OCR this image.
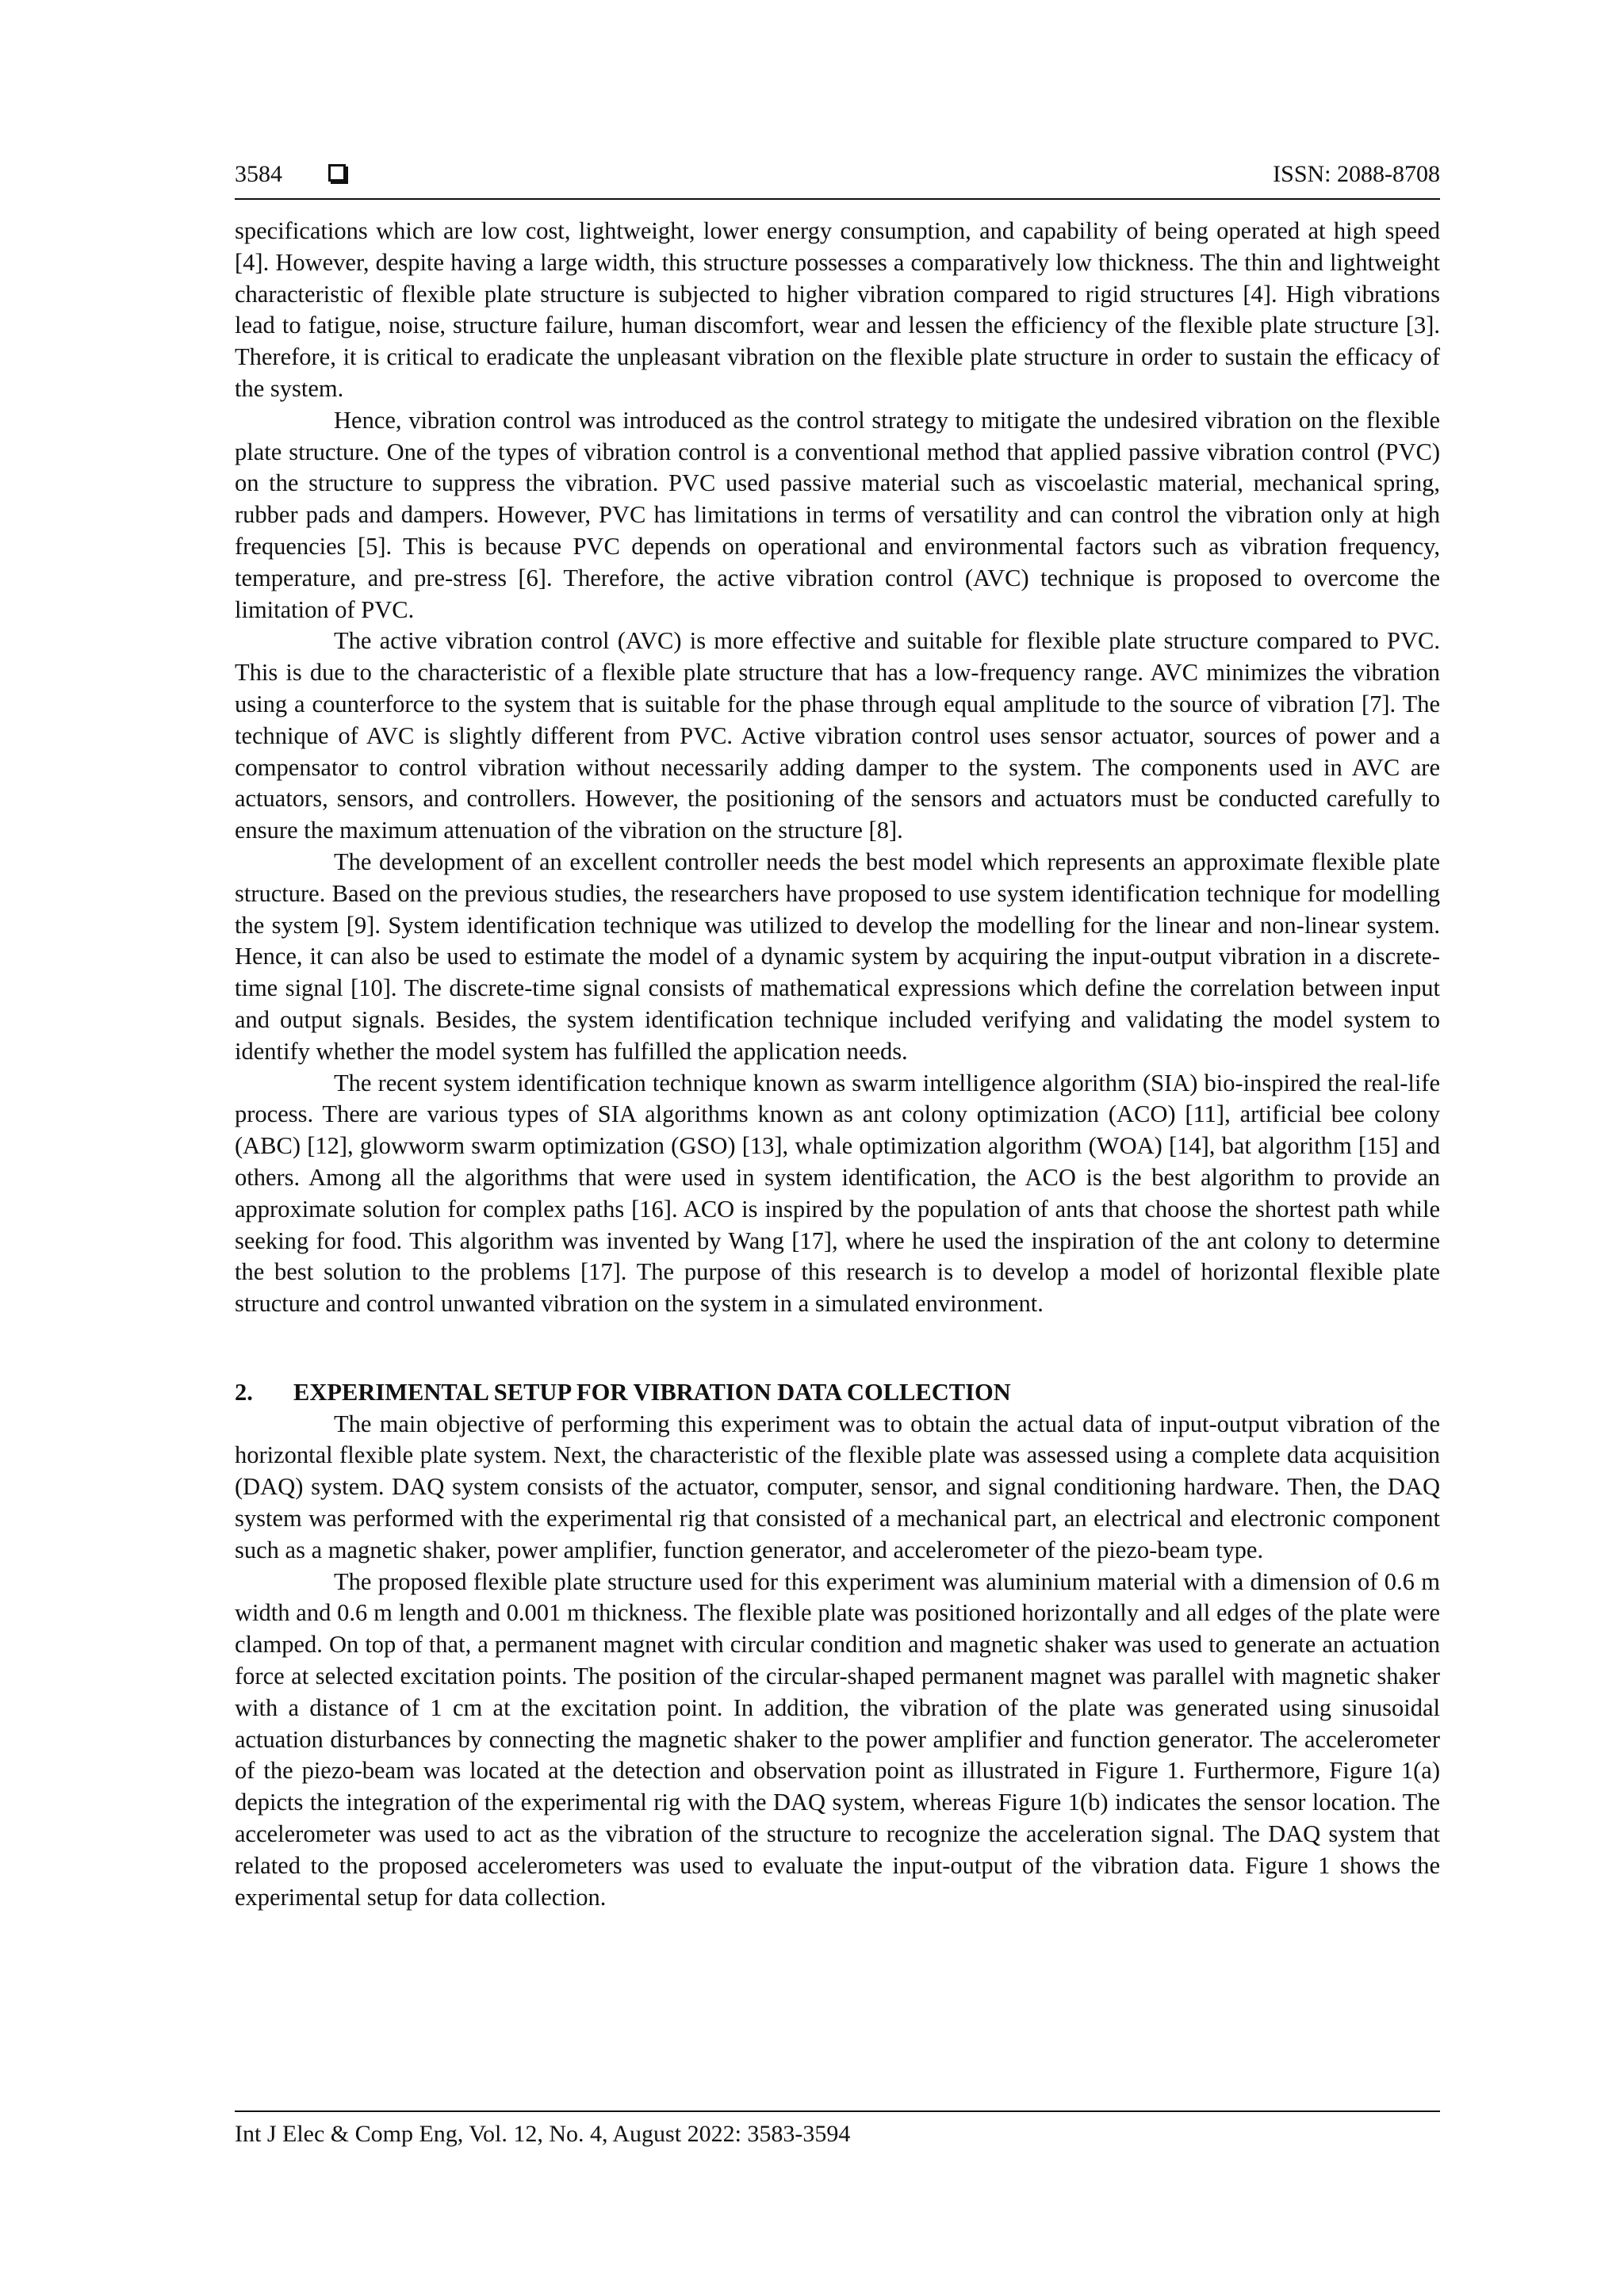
3584	ISSN: 2088-8708

specifications which are low cost, lightweight, lower energy consumption, and capability of being operated at high speed [4]. However, despite having a large width, this structure possesses a comparatively low thickness. The thin and lightweight characteristic of flexible plate structure is subjected to higher vibration compared to rigid structures [4]. High vibrations lead to fatigue, noise, structure failure, human discomfort, wear and lessen the efficiency of the flexible plate structure [3]. Therefore, it is critical to eradicate the unpleasant vibration on the flexible plate structure in order to sustain the efficacy of the system.

Hence, vibration control was introduced as the control strategy to mitigate the undesired vibration on the flexible plate structure. One of the types of vibration control is a conventional method that applied passive vibration control (PVC) on the structure to suppress the vibration. PVC used passive material such as viscoelastic material, mechanical spring, rubber pads and dampers. However, PVC has limitations in terms of versatility and can control the vibration only at high frequencies [5]. This is because PVC depends on operational and environmental factors such as vibration frequency, temperature, and pre-stress [6]. Therefore, the active vibration control (AVC) technique is proposed to overcome the limitation of PVC.

The active vibration control (AVC) is more effective and suitable for flexible plate structure compared to PVC. This is due to the characteristic of a flexible plate structure that has a low-frequency range. AVC minimizes the vibration using a counterforce to the system that is suitable for the phase through equal amplitude to the source of vibration [7]. The technique of AVC is slightly different from PVC. Active vibration control uses sensor actuator, sources of power and a compensator to control vibration without necessarily adding damper to the system. The components used in AVC are actuators, sensors, and controllers. However, the positioning of the sensors and actuators must be conducted carefully to ensure the maximum attenuation of the vibration on the structure [8].

The development of an excellent controller needs the best model which represents an approximate flexible plate structure. Based on the previous studies, the researchers have proposed to use system identification technique for modelling the system [9]. System identification technique was utilized to develop the modelling for the linear and non-linear system. Hence, it can also be used to estimate the model of a dynamic system by acquiring the input-output vibration in a discrete-time signal [10]. The discrete-time signal consists of mathematical expressions which define the correlation between input and output signals. Besides, the system identification technique included verifying and validating the model system to identify whether the model system has fulfilled the application needs.

The recent system identification technique known as swarm intelligence algorithm (SIA) bio-inspired the real-life process. There are various types of SIA algorithms known as ant colony optimization (ACO) [11], artificial bee colony (ABC) [12], glowworm swarm optimization (GSO) [13], whale optimization algorithm (WOA) [14], bat algorithm [15] and others. Among all the algorithms that were used in system identification, the ACO is the best algorithm to provide an approximate solution for complex paths [16]. ACO is inspired by the population of ants that choose the shortest path while seeking for food. This algorithm was invented by Wang [17], where he used the inspiration of the ant colony to determine the best solution to the problems [17]. The purpose of this research is to develop a model of horizontal flexible plate structure and control unwanted vibration on the system in a simulated environment.

2. EXPERIMENTAL SETUP FOR VIBRATION DATA COLLECTION

The main objective of performing this experiment was to obtain the actual data of input-output vibration of the horizontal flexible plate system. Next, the characteristic of the flexible plate was assessed using a complete data acquisition (DAQ) system. DAQ system consists of the actuator, computer, sensor, and signal conditioning hardware. Then, the DAQ system was performed with the experimental rig that consisted of a mechanical part, an electrical and electronic component such as a magnetic shaker, power amplifier, function generator, and accelerometer of the piezo-beam type.

The proposed flexible plate structure used for this experiment was aluminium material with a dimension of 0.6 m width and 0.6 m length and 0.001 m thickness. The flexible plate was positioned horizontally and all edges of the plate were clamped. On top of that, a permanent magnet with circular condition and magnetic shaker was used to generate an actuation force at selected excitation points. The position of the circular-shaped permanent magnet was parallel with magnetic shaker with a distance of 1 cm at the excitation point. In addition, the vibration of the plate was generated using sinusoidal actuation disturbances by connecting the magnetic shaker to the power amplifier and function generator. The accelerometer of the piezo-beam was located at the detection and observation point as illustrated in Figure 1. Furthermore, Figure 1(a) depicts the integration of the experimental rig with the DAQ system, whereas Figure 1(b) indicates the sensor location. The accelerometer was used to act as the vibration of the structure to recognize the acceleration signal. The DAQ system that related to the proposed accelerometers was used to evaluate the input-output of the vibration data. Figure 1 shows the experimental setup for data collection.

Int J Elec & Comp Eng, Vol. 12, No. 4, August 2022: 3583-3594
